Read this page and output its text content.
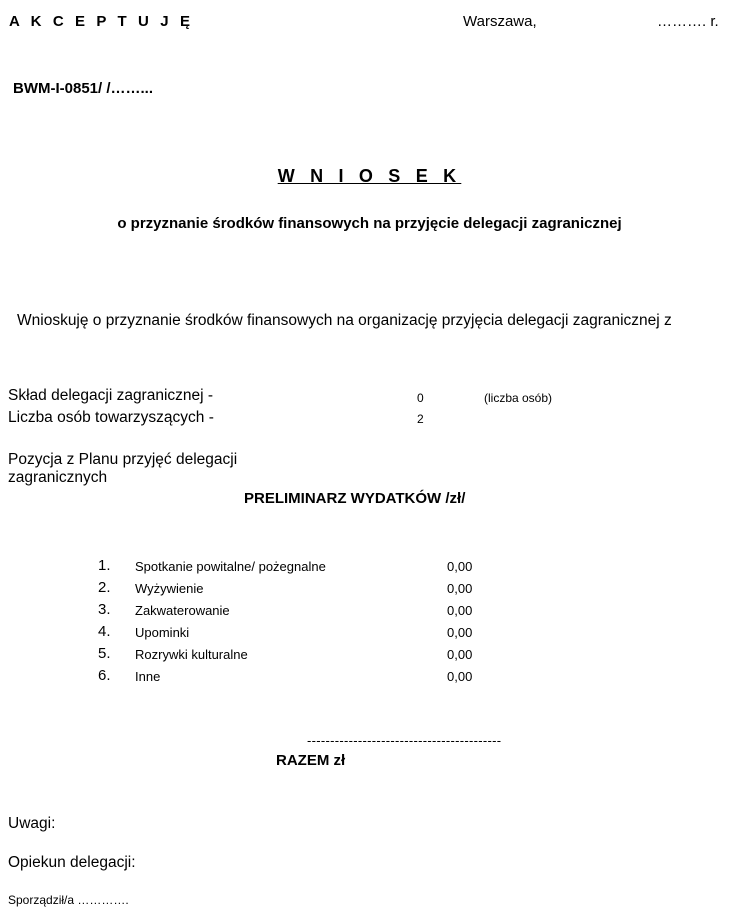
A K C E P T U J Ę	Warszawa,	………. r.
BWM-I-0851/ /……...
W N I O S E K
o przyznanie środków finansowych na przyjęcie delegacji zagranicznej
Wnioskuję o przyznanie środków finansowych na organizację przyjęcia delegacji zagranicznej z
Skład delegacji zagranicznej -	0	(liczba osób)
Liczba osób towarzyszących -	2
Pozycja z Planu przyjęć delegacji zagranicznych
PRELIMINARZ WYDATKÓW /zł/
1. Spotkanie powitalne/ pożegnalne	0,00
2. Wyżywienie	0,00
3. Zakwaterowanie	0,00
4. Upominki	0,00
5. Rozrywki kulturalne	0,00
6. Inne	0,00
------------------------------------------
RAZEM zł
Uwagi:
Opiekun delegacji:
Sporządził/a ………….
